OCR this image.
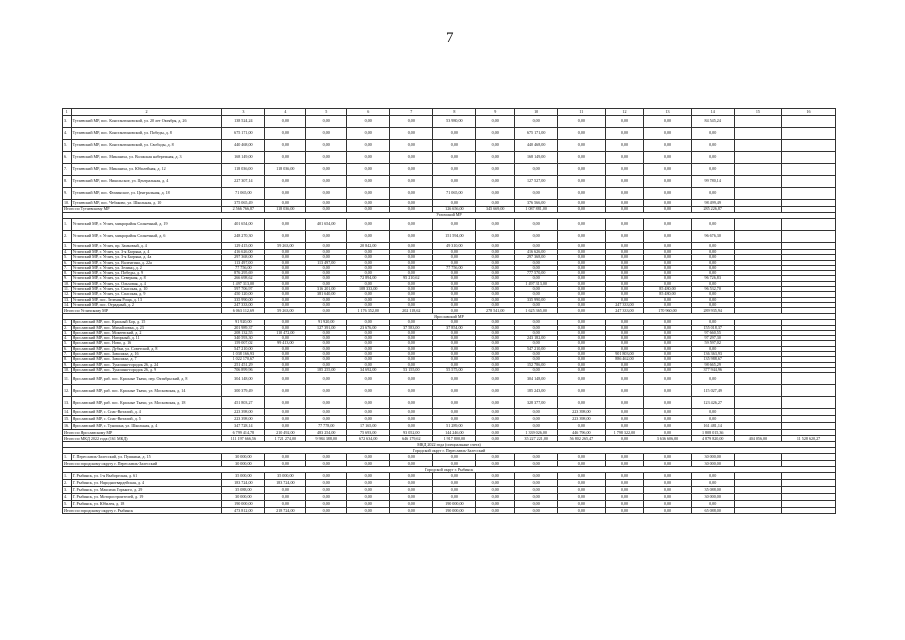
7
1	2	3	4	5	6	7	8	9	10	11	12	13	14	15	16
3.	Тутаевский МР, пос. Константиновский, ул. 20 лет Октября, д. 26	138 524,24	0,00	0,00	0,00	0,00	53 980,00	0,00	0,00	0,00	0,00	0,00	84 545,24		
4.	Тутаевский МР, пос. Константиновский, ул. Победы, д. 8	675 171,00	0,00	0,00	0,00	0,00	0,00	0,00	675 171,00	0,00	0,00	0,00	0,00		
5.	Тутаевский МР, пос. Константиновский, ул. Свободы, д. 8	440 468,00	0,00	0,00	0,00	0,00	0,00	0,00	440 468,00	0,00	0,00	0,00	0,00		
6.	Тутаевский МР, пос. Микляиха, ул. Волжская набережная, д. 3	168 149,00	0,00	0,00	0,00	0,00	0,00	0,00	168 149,00	0,00	0,00	0,00	0,00		
7.	Тутаевский МР, пос. Микляиха, ул. Юбилейная, д. 12	118 036,00	118 036,00	0,00	0,00	0,00	0,00	0,00	0,00	0,00	0,00	0,00	0,00		
8.	Тутаевский МР, пос. Никольское, ул. Центральная, д. 4	227 307,14	0,00	0,00	0,00	0,00	0,00	0,00	127 527,00	0,00	0,00	0,00	99 780,14		
9.	Тутаевский МР, пос. Фоминское, ул. Центральная, д. 18	71 065,00	0,00	0,00	0,00	0,00	71 065,00	0,00	0,00	0,00	0,00	0,00	0,00		
10.	Тутаевский МР, пос. Чебаково, ул. Школьная, д. 10	375 065,49	0,00	0,00	0,00	0,00	0,00	0,00	376 566,00	0,00	0,00	0,00	98 499,49		
Итого по Тутаевскому МР		2 566 766,87	118 036,00	0,00	0,00	0,00	126 656,00	345 669,00	1 087 881,00	0,00	0,00	0,00	285 226,87		
Угличский МР															
1.	Угличский МР, г. Углич, микрорайон Солнечный, д. 19	401 654,00	0,00	401 654,00	0,00	0,00	0,00	0,00	0,00	0,00	0,00	0,00	0,00		
2.	Угличский МР, г. Углич, микрорайон Солнечный, д. 6	248 270,30	0,00	0,00	0,00	0,00	151 594,00	0,00	0,00	0,00	0,00	0,00	96 676,30		
3.	Угличский МР, г. Углич, пр. Замковый, д. 4	129 415,00	59 263,00	0,00	20 842,00	0,00	49 310,00	0,00	0,00	0,00	0,00	0,00	0,00		
4.	Угличский МР, г. Углич, ул. 3-я Багряна, д. 4	416 626,00	0,00	0,00	0,00	0,00	0,00	0,00	416 626,00	0,00	0,00	0,00	0,00		
5.	Угличский МР, г. Углич, ул. 3-я Багряна, д. 4а	297 368,00	0,00	0,00	0,00	0,00	0,00	0,00	297 368,00	0,00	0,00	0,00	0,00		
6.	Угличский МР, г. Углич, ул. Валентина, д. 22а	113 497,00	0,00	113 497,00	0,00	0,00	0,00	0,00	0,00	0,00	0,00	0,00	0,00		
7.	Угличский МР, г. Углич, ул. Зелинц, д. 2	77 756,00	0,00	0,00	0,00	0,00	77 756,00	0,00	0,00	0,00	0,00	0,00	0,00		
8.	Угличский МР, г. Углич, ул. Победы, д. 9	876 295,69	0,00	0,00	0,00	0,00	0,00	0,00	777 570,00	0,00	0,00	0,00	0,00		
9.	Угличский МР, г. Углич, ул. Северная, д. 8	266 698,62	0,00	0,00	72 894,00	95 210,62	0,00	0,00	0,00	0,00	0,00	0,00	96 726,83		
10.	Угличский МР, г. Углич, ул. Ольховая, д. 4	1 497 313,00	0,00	0,00	0,00	0,00	0,00	0,00	1 497 313,00	0,00	0,00	0,00	0,00		
11.	Угличский МР, г. Углич, ул. Спасская, д. 10	597 706,97	0,00	316 201,00	108 333,00	0,00	0,00	0,00	0,00	0,00	0,00	85 480,00	96 532,70		
12.	Угличский МР, г. Углич, ул. Спасская, д. 9	450 120,00	0,00	381 640,00	0,00	0,00	0,00	0,00	0,00	0,00	0,00	85 480,00	0,00		
13.	Угличский МР, пос. Зеленая Роща, д. 13	335 990,00	0,00	0,00	0,00	0,00	0,00	0,00	335 990,00	0,00	0,00	0,00	0,00		
14.	Угличский МР, пос. Отрадный, д. 2	247 333,00	0,00	0,00	0,00	0,00	0,00	0,00	0,00	0,00	247 333,00	0,00	0,00		
Итого по Угличскому МР		6 063 112,69	59 263,00	0,00	1 176 352,00	202 118,62	0,00	278 541,00	1 625 365,00	0,00	247 333,00	170 960,00	289 935,94		
Ярославский МР															
1.	Ярославский МР, пос. Красный Бор, д. 15	91 920,00	0,00	91 920,00	0,00	0,00	0,00	0,00	0,00	0,00	0,00	0,00	0,00		
2.	Ярославский МР, пос. Михайловка, д. 23	201 989,37	0,00	127 391,00	23 676,00	37 583,00	37 854,00	0,00	0,00	0,00	0,00	0,00	155 018,37		
3.	Ярославский МР, пос. Мокеевский, д. 2	208 132,55	110 472,00	0,00	0,00	0,00	0,00	0,00	0,00	0,00	0,00	0,00	97 660,55		
4.	Ярославский МР, пос. Нагорный, д. 11	340 593,30	0,00	0,00	0,00	0,00	0,00	0,00	243 182,00	0,00	0,00	0,00	97 297,30		
5.	Ярославский МР, пос. Ново, д. 16	159 007,02	99 413,00	0,00	0,00	0,00	0,00	0,00	0,00	0,00	0,00	0,00	59 597,02		
6.	Ярославский МР, пос. Дубки, ул. Советской, д. 8	547 210,00	0,00	0,00	0,00	0,00	0,00	0,00	547 210,00	0,00	0,00	0,00	0,00		
7.	Ярославский МР, пос. Заволжье, д. 16	1 038 166,93	0,00	0,00	0,00	0,00	0,00	0,00	0,00	0,00	901 803,00	0,00	136 363,93		
8.	Ярославский МР, пос. Заволжье, д. 7	1 022 170,67	0,00	0,00	0,00	0,00	0,00	0,00	0,00	0,00	886 462,00	0,00	135 988,67		
9.	Ярославский МР, пос. Туношна-городок 26, д. 24	251 451,29	0,00	0,00	0,00	0,00	0,00	0,00	152 786,00	0,00	0,00	0,00	98 665,29		
10.	Ярославский МР, пос. Туношна-городок 26, д. 9	706 899,96	0,00	185 255,00	34 692,00	53 155,00	55 575,00	0,00	0,00	0,00	0,00	0,00	377 944,96		
11.	Ярославский МР, раб. пос. Красные Ткачи, пер. Октябрьский, д. 8	304 148,00	0,00	0,00	0,00	0,00	0,00	0,00	304 148,00	0,00	0,00	0,00	0,00		
12.	Ярославский МР, раб. пос. Красные Ткачи, ул. Московская, д. 14	300 379,49	0,00	0,00	0,00	0,00	0,00	0,00	185 243,00	0,00	0,00	0,00	115 027,49		
13.	Ярославский МР, раб. пос. Красные Ткачи, ул. Московская, д. 18	451 803,27	0,00	0,00	0,00	0,00	0,00	0,00	328 377,00	0,00	0,00	0,00	123 426,27		
14.	Ярославский МР, с. Спас-Виталий, д. 4	223 398,00	0,00	0,00	0,00	0,00	0,00	0,00	0,00	223 398,00	0,00	0,00	0,00		
15.	Ярославский МР, с. Спас-Виталий, д. 5	223 398,00	0,00	0,00	0,00	0,00	0,00	0,00	0,00	223 398,00	0,00	0,00	0,00		
16.	Ярославский МР, с. Туношна, ул. Школьная, д. 4	347 728,14	0,00	77 778,00	17 165,00	0,00	51 289,00	0,00	0,00	0,00	0,00	0,00	161 481,14		
Итого по Ярославскому МР		6 799 414,78	210 492,00	483 254,00	75 693,00	93 052,00	144 246,00	0,00	1 339 026,00	446 796,00	1 798 322,00	0,00	1 808 015,36		
Итого по МКД 2022 года (161 МКД)		111 197 666,56	1 721 274,00	9 984 388,00	672 634,00	646 179,62	1 917 800,00	0,00	35 227 221,00	56 802 265,47	0,00	3 636 606,00	4 879 820,00	404 056,00	11 528 620,27
МКД 2022 года (специальные счета)															
Городской округ г. Переславль-Залесский															
1.	Г. Переславль-Залесский, ул. Пушкина, д. 15	30 000,00	0,00	0,00	0,00	0,00	0,00	0,00	0,00	0,00	0,00	0,00	30 000,00		
Итого по городскому округу г. Переславль-Залесский		30 000,00	0,00	0,00	0,00	0,00	0,00	0,00	0,00	0,00	0,00	0,00	30 000,00		
Городской округ г. Рыбинск															
1.	Г. Рыбинск, ул. 1-я Выборгская, д. 61	35 000,00	35 000,00	0,00	0,00	0,00	0,00	0,00	0,00	0,00	0,00	0,00	0,00		
2.	Г. Рыбинск, ул. Народногвардейская, д. 4	183 724,00	183 724,00	0,00	0,00	0,00	0,00	0,00	0,00	0,00	0,00	0,00	0,00		
3.	Г. Рыбинск, ул. Максима Горького, д. 29	35 088,00	0,00	0,00	0,00	0,00	0,00	0,00	0,00	0,00	0,00	0,00	35 088,00		
4.	Г. Рыбинск, ул. Моторостроителей, д. 19	30 000,00	0,00	0,00	0,00	0,00	0,00	0,00	0,00	0,00	0,00	0,00	30 000,00		
5.	Г. Рыбинск, ул. Юбилея, д. 18	190 000,00	0,00	0,00	0,00	0,00	190 000,00	0,00	0,00	0,00	0,00	0,00	0,00		
Итого по городскому округу г. Рыбинск		473 812,00	218 724,00	0,00	0,00	0,00	190 000,00	0,00	0,00	0,00	0,00	0,00	65 088,00		
